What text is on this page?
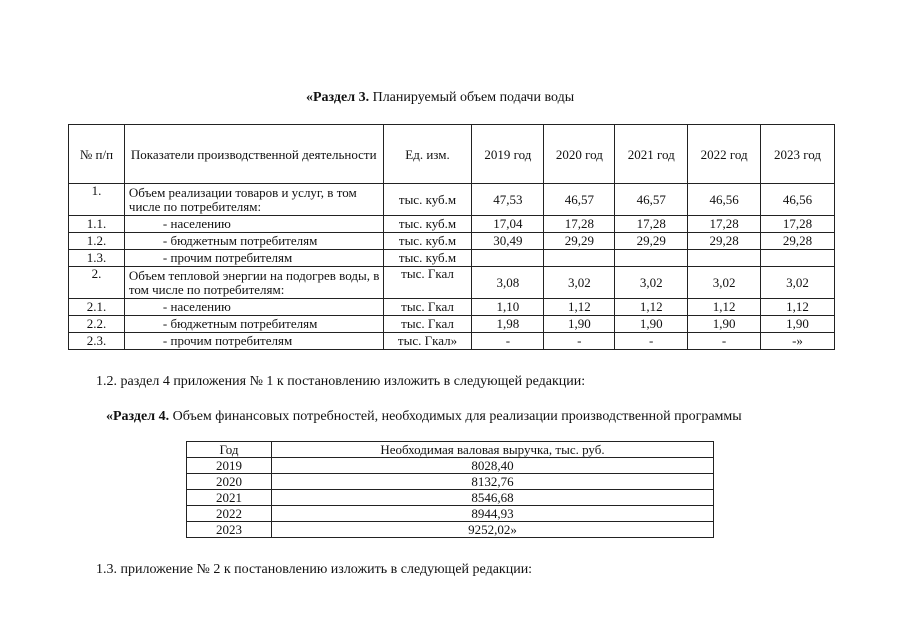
«Раздел 3. Планируемый объем подачи воды
№ п/п	Показатели производственной деятельности	Ед. изм.	2019 год	2020 год	2021 год	2022 год	2023 год
1.	Объем реализации товаров и услуг, в том числе по потребителям:	тыс. куб.м	47,53	46,57	46,57	46,56	46,56
1.1.	- населению	тыс. куб.м	17,04	17,28	17,28	17,28	17,28
1.2.	- бюджетным потребителям	тыс. куб.м	30,49	29,29	29,29	29,28	29,28
1.3.	- прочим потребителям	тыс. куб.м					
2.	Объем тепловой энергии на подогрев воды, в том числе по потребителям:	тыс. Гкал	3,08	3,02	3,02	3,02	3,02
2.1.	- населению	тыс. Гкал	1,10	1,12	1,12	1,12	1,12
2.2.	- бюджетным потребителям	тыс. Гкал	1,98	1,90	1,90	1,90	1,90
2.3.	- прочим потребителям	тыс. Гкал»	-	-	-	-	-»
1.2. раздел 4 приложения № 1 к постановлению изложить в следующей редакции:
«Раздел 4. Объем финансовых потребностей, необходимых для реализации производственной программы
Год	Необходимая валовая выручка, тыс. руб.
2019	8028,40
2020	8132,76
2021	8546,68
2022	8944,93
2023	9252,02»
1.3. приложение № 2 к постановлению изложить в следующей редакции:
